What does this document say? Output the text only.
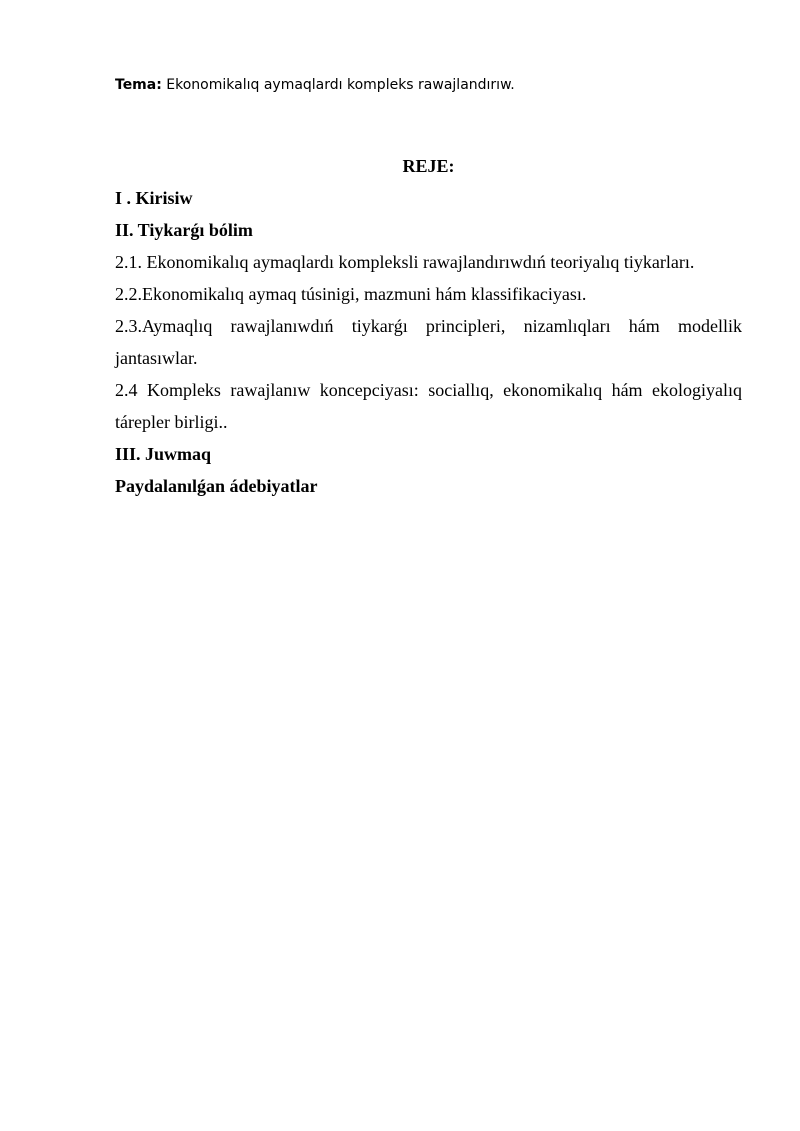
Tema: Ekonomikalıq aymaqlardı kompleks rawajlandırıw.
REJE:
I . Kirisiw
II. Tiykarǵı bólim
2.1. Ekonomikalıq aymaqlardı kompleksli rawajlandırıwdıń teoriyalıq tiykarları.
2.2.Ekonomikalıq aymaq túsinigi, mazmuni hám klassifikaciyası.
2.3.Aymaqlıq rawajlanıwdıń tiykarǵı principleri, nizamlıqları hám modellik jantasıwlar.
2.4 Kompleks rawajlanıw koncepciyası: sociallıq, ekonomikalıq hám ekologiyalıq tárepler birligi..
III. Juwmaq
Paydalanılǵan ádebiyatlar
